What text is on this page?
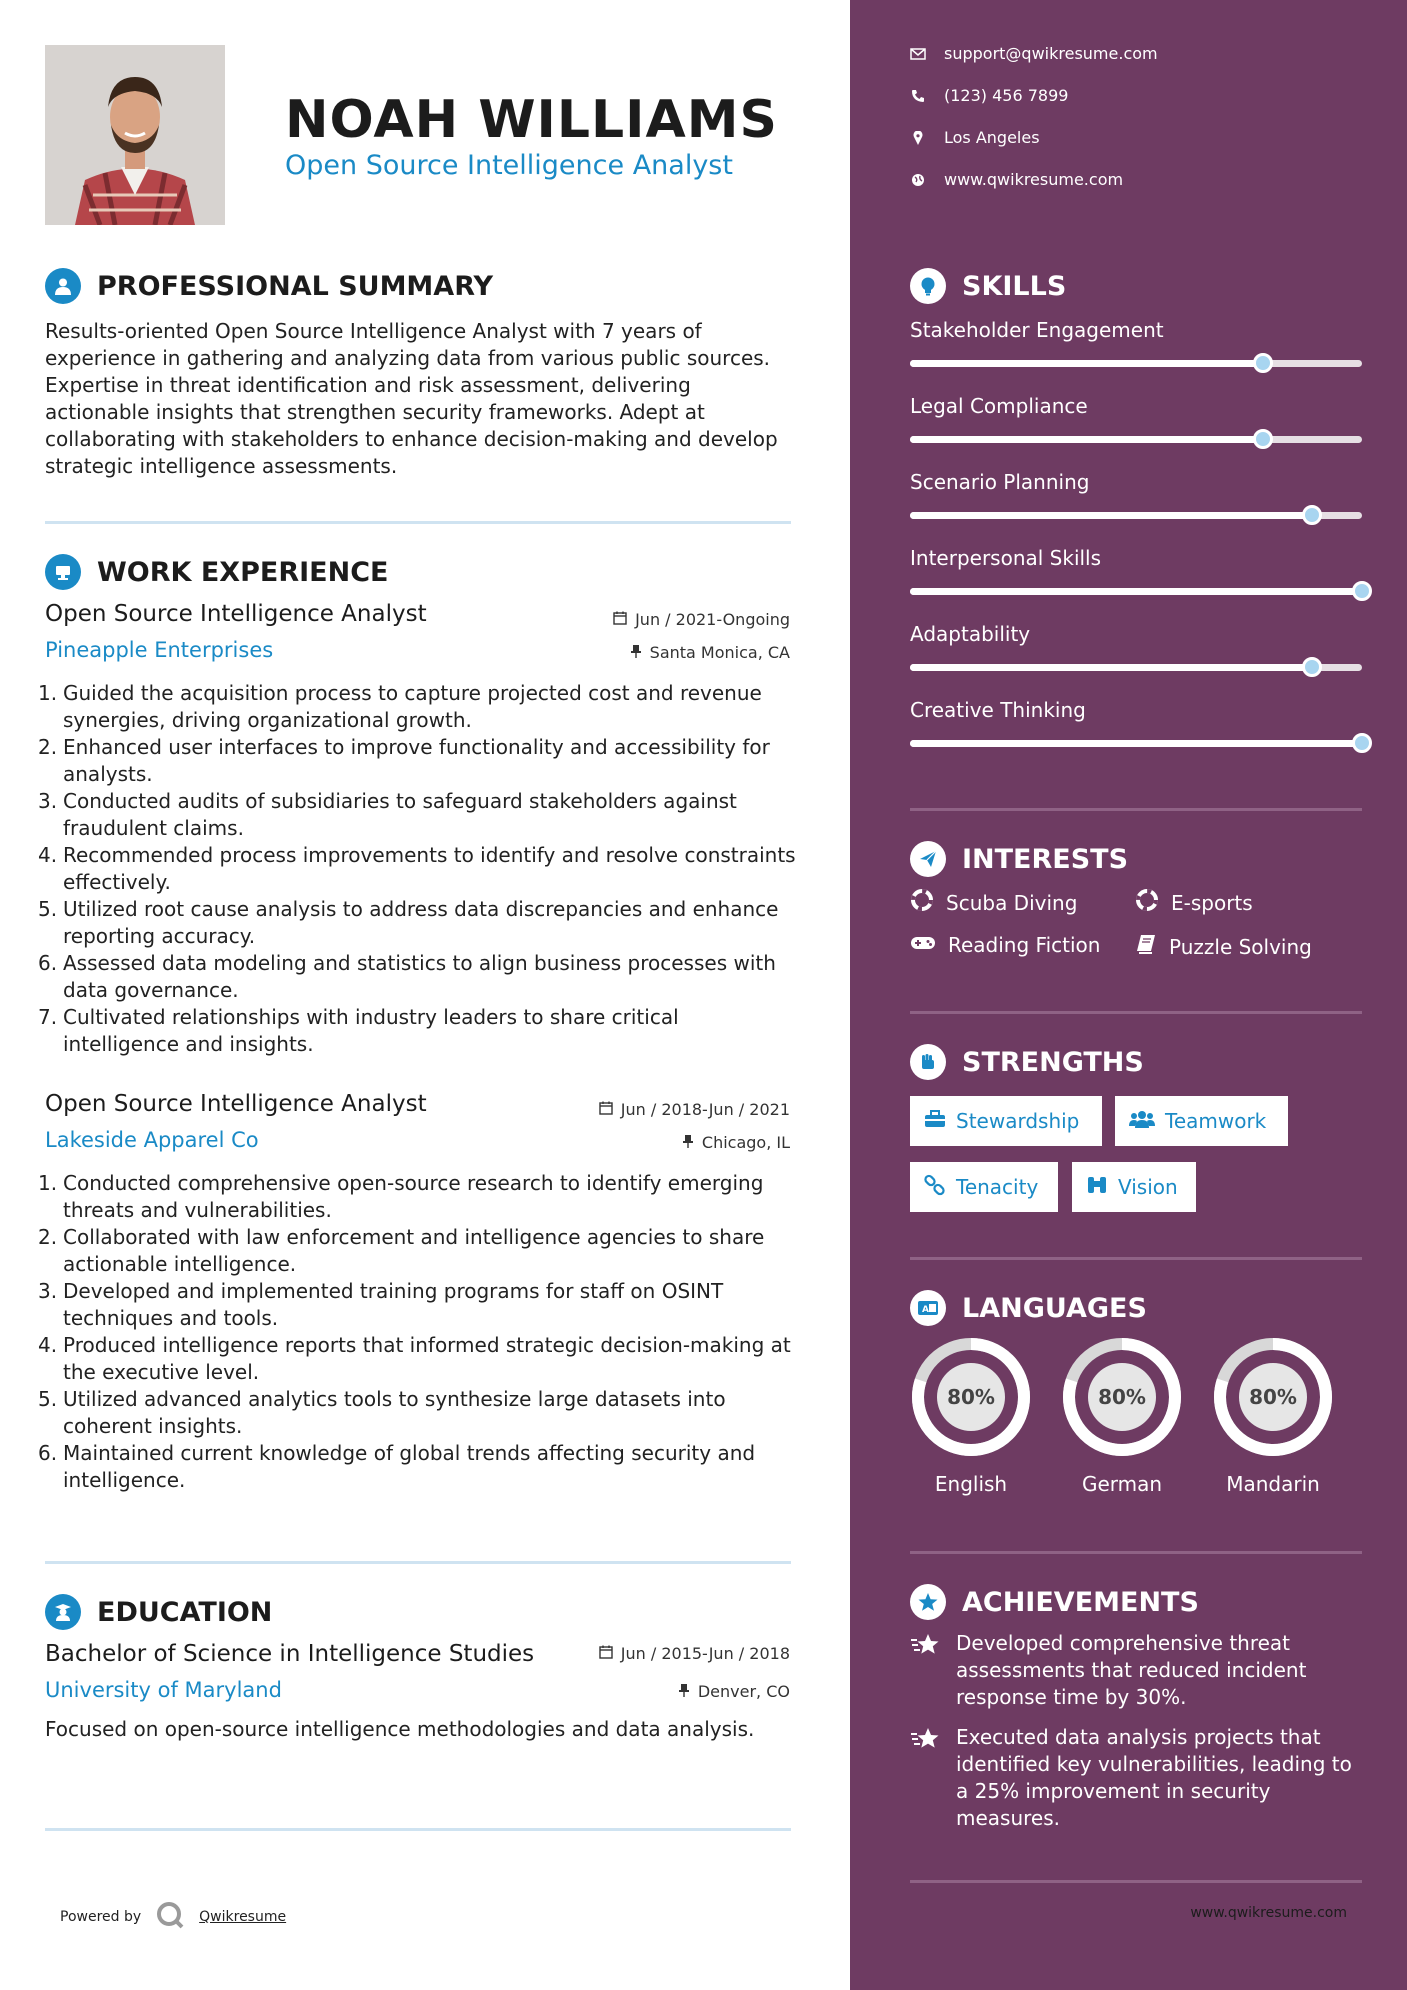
NOAH WILLIAMS
Open Source Intelligence Analyst
PROFESSIONAL SUMMARY
Results-oriented Open Source Intelligence Analyst with 7 years of experience in gathering and analyzing data from various public sources. Expertise in threat identification and risk assessment, delivering actionable insights that strengthen security frameworks. Adept at collaborating with stakeholders to enhance decision-making and develop strategic intelligence assessments.
WORK EXPERIENCE
Open Source Intelligence Analyst	Jun / 2021-Ongoing
Pineapple Enterprises	Santa Monica, CA
1. Guided the acquisition process to capture projected cost and revenue synergies, driving organizational growth.
2. Enhanced user interfaces to improve functionality and accessibility for analysts.
3. Conducted audits of subsidiaries to safeguard stakeholders against fraudulent claims.
4. Recommended process improvements to identify and resolve constraints effectively.
5. Utilized root cause analysis to address data discrepancies and enhance reporting accuracy.
6. Assessed data modeling and statistics to align business processes with data governance.
7. Cultivated relationships with industry leaders to share critical intelligence and insights.
Open Source Intelligence Analyst	Jun / 2018-Jun / 2021
Lakeside Apparel Co	Chicago, IL
1. Conducted comprehensive open-source research to identify emerging threats and vulnerabilities.
2. Collaborated with law enforcement and intelligence agencies to share actionable intelligence.
3. Developed and implemented training programs for staff on OSINT techniques and tools.
4. Produced intelligence reports that informed strategic decision-making at the executive level.
5. Utilized advanced analytics tools to synthesize large datasets into coherent insights.
6. Maintained current knowledge of global trends affecting security and intelligence.
EDUCATION
Bachelor of Science in Intelligence Studies	Jun / 2015-Jun / 2018
University of Maryland	Denver, CO
Focused on open-source intelligence methodologies and data analysis.
Powered by	Qwikresume
support@qwikresume.com
(123) 456 7899
Los Angeles
www.qwikresume.com
SKILLS
Stakeholder Engagement
Legal Compliance
Scenario Planning
Interpersonal Skills
Adaptability
Creative Thinking
INTERESTS
Scuba Diving	E-sports
Reading Fiction	Puzzle Solving
STRENGTHS
Stewardship	Teamwork
Tenacity	Vision
A LANGUAGES
80%
English
80%
German
80%
Mandarin
ACHIEVEMENTS
Developed comprehensive threat assessments that reduced incident response time by 30%.
Executed data analysis projects that identified key vulnerabilities, leading to a 25% improvement in security measures.
www.qwikresume.com
